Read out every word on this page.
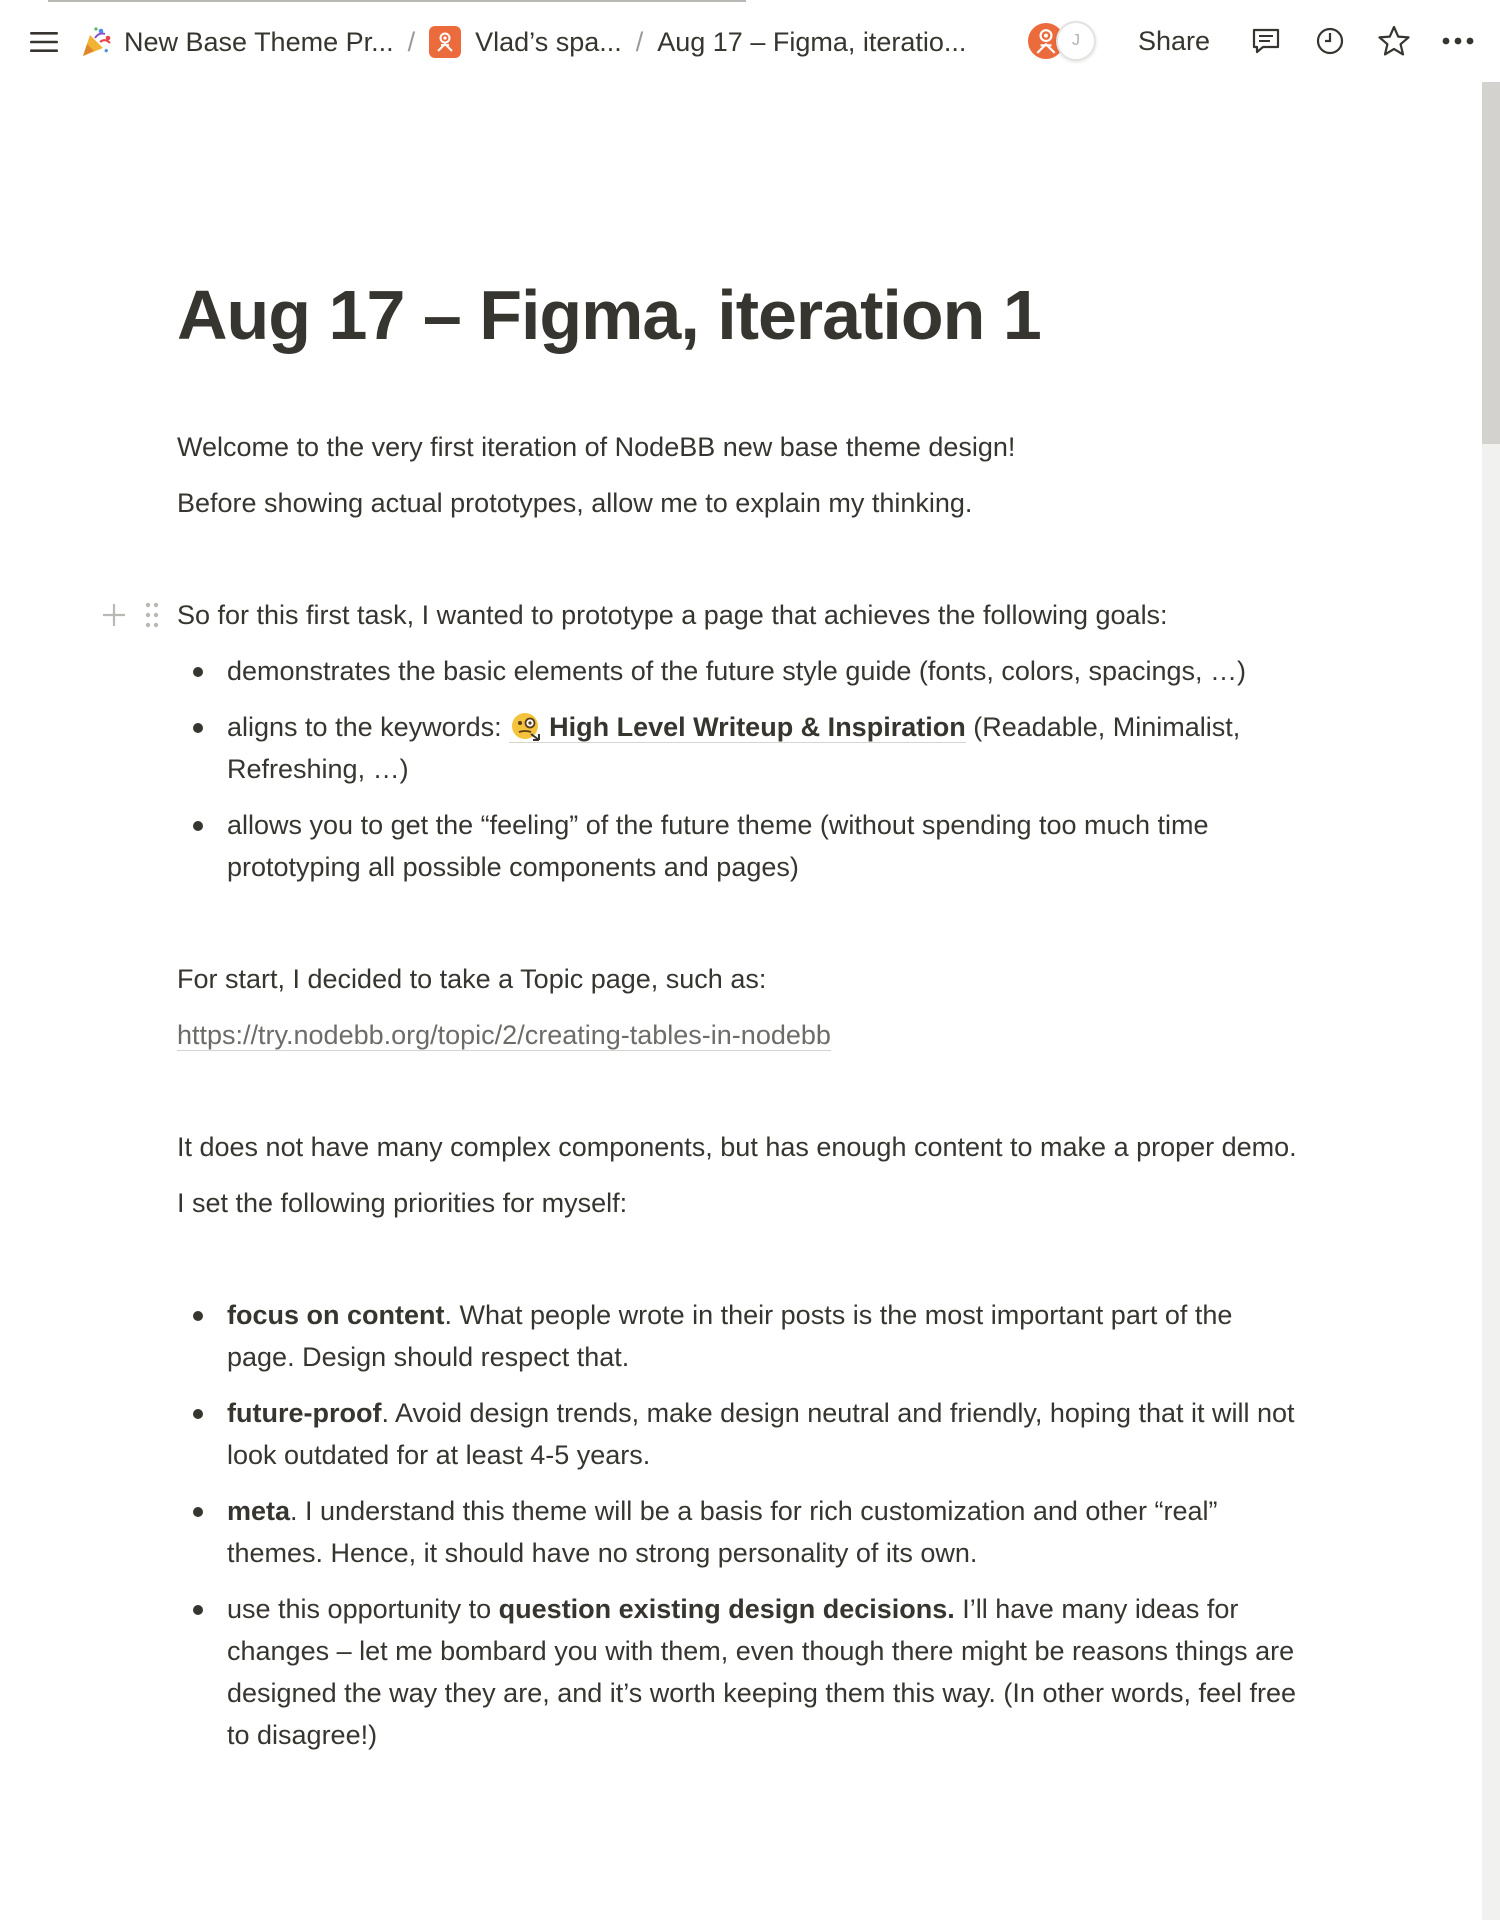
New Base Theme Pr... / Vlad’s spa... / Aug 17 – Figma, iteratio...	J	Share
Aug 17 – Figma, iteration 1
Welcome to the very first iteration of NodeBB new base theme design!
Before showing actual prototypes, allow me to explain my thinking.
So for this first task, I wanted to prototype a page that achieves the following goals:
demonstrates the basic elements of the future style guide (fonts, colors, spacings, …)
aligns to the keywords: High Level Writeup & Inspiration (Readable, Minimalist, Refreshing, …)
allows you to get the “feeling” of the future theme (without spending too much time prototyping all possible components and pages)
For start, I decided to take a Topic page, such as:
https://try.nodebb.org/topic/2/creating-tables-in-nodebb
It does not have many complex components, but has enough content to make a proper demo.
I set the following priorities for myself:
focus on content. What people wrote in their posts is the most important part of the page. Design should respect that.
future-proof. Avoid design trends, make design neutral and friendly, hoping that it will not look outdated for at least 4-5 years.
meta. I understand this theme will be a basis for rich customization and other “real” themes. Hence, it should have no strong personality of its own.
use this opportunity to question existing design decisions. I’ll have many ideas for changes – let me bombard you with them, even though there might be reasons things are designed the way they are, and it’s worth keeping them this way. (In other words, feel free to disagree!)
